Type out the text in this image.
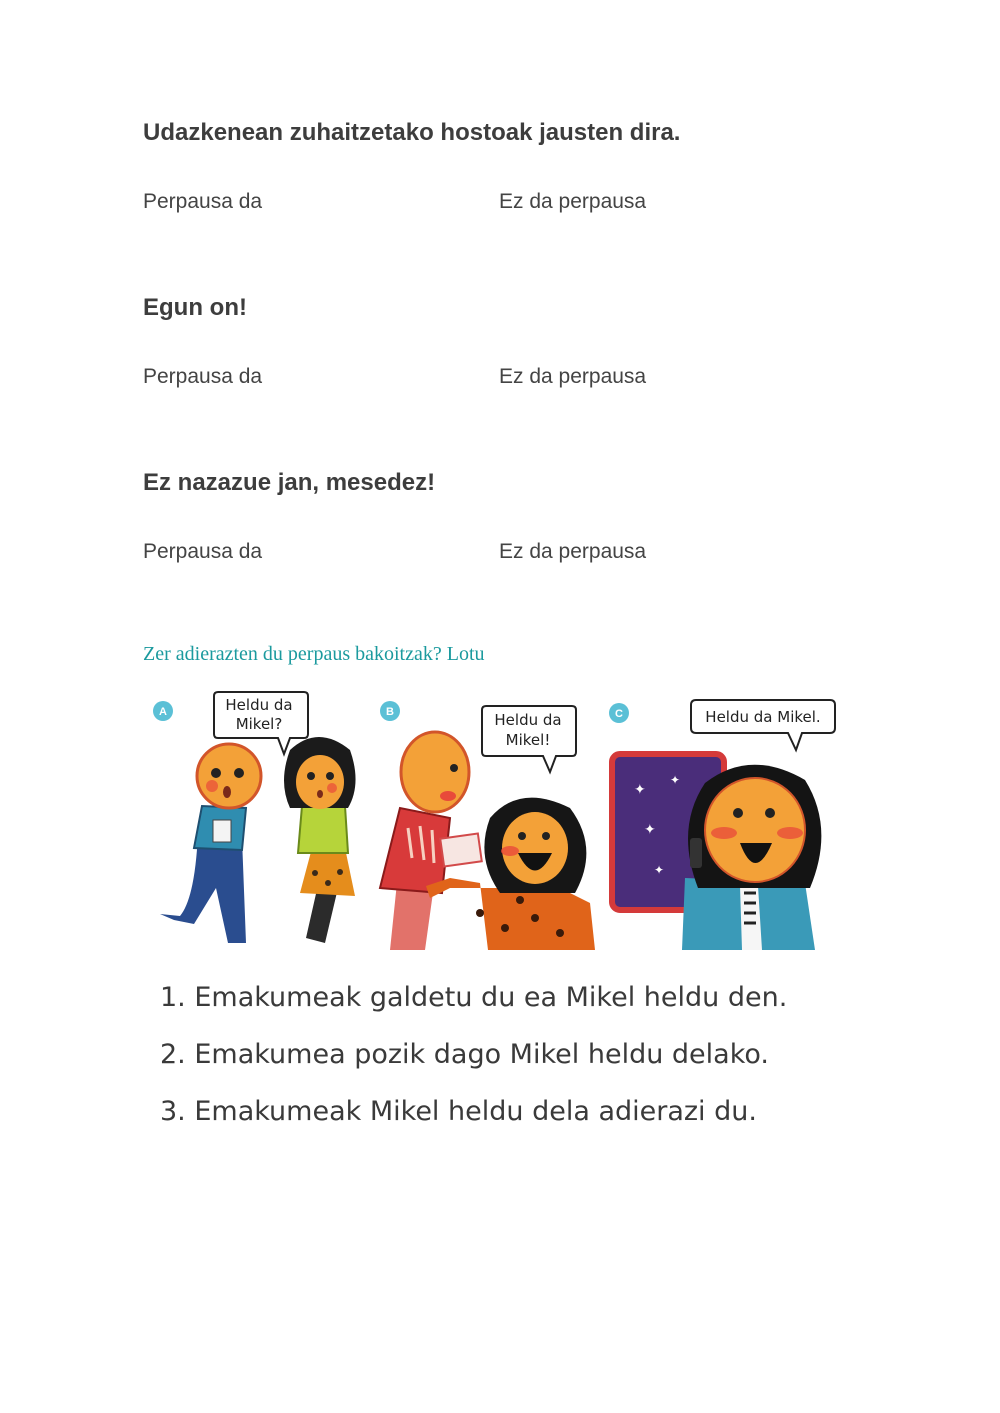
Udazkenean zuhaitzetako hostoak jausten dira.
Perpausa da	Ez da perpausa
Egun on!
Perpausa da	Ez da perpausa
Ez nazazue jan, mesedez!
Perpausa da	Ez da perpausa
Zer adierazten du perpaus bakoitzak? Lotu
A	Heldu da
Mikel?
B	Heldu da
Mikel!
C	Heldu da Mikel.
✦
✦
✦
✦
1. Emakumeak galdetu du ea Mikel heldu den.
2. Emakumea pozik dago Mikel heldu delako.
3. Emakumeak Mikel heldu dela adierazi du.
